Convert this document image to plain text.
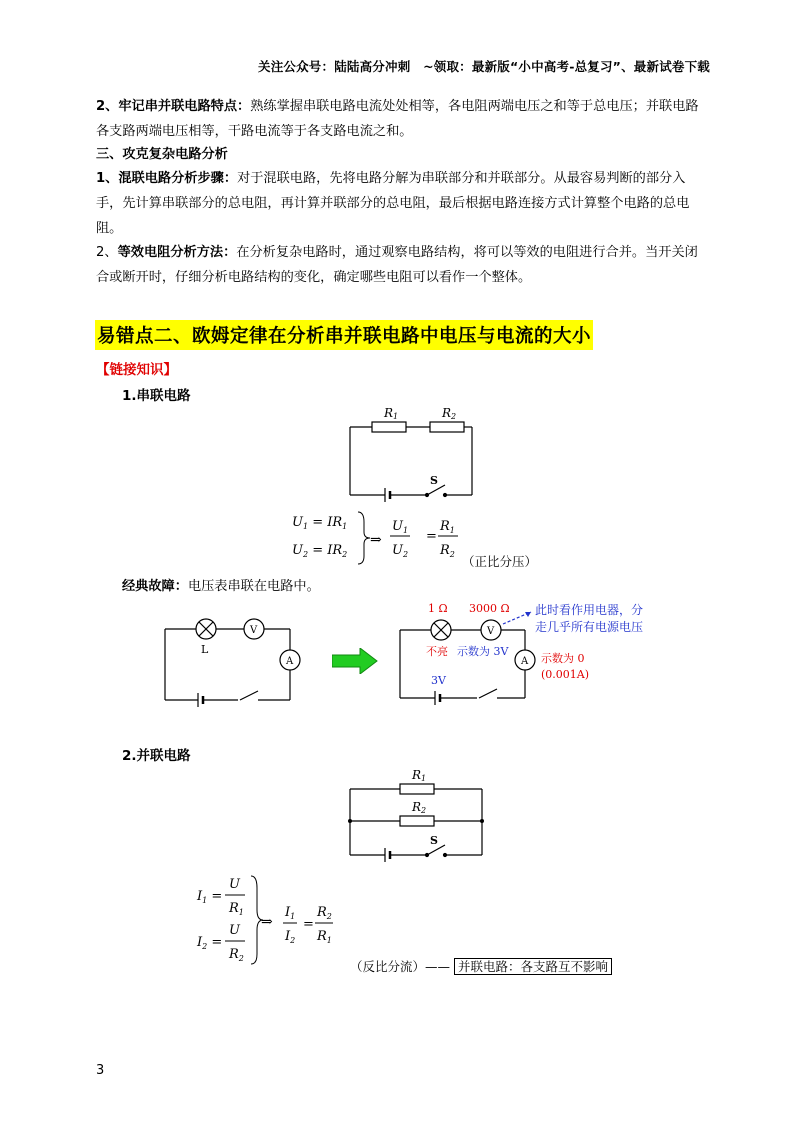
关注公众号：陆陆高分冲刺　~领取：最新版“小中高考-总复习”、最新试卷下载
2、牢记串并联电路特点：熟练掌握串联电路电流处处相等，各电阻两端电压之和等于总电压；并联电路各支路两端电压相等，干路电流等于各支路电流之和。
三、攻克复杂电路分析
1、混联电路分析步骤：对于混联电路，先将电路分解为串联部分和并联部分。从最容易判断的部分入手，先计算串联部分的总电阻，再计算并联部分的总电阻，最后根据电路连接方式计算整个电路的总电阻。
2、等效电阻分析方法：在分析复杂电路时，通过观察电路结构，将可以等效的电阻进行合并。当开关闭合或断开时，仔细分析电路结构的变化，确定哪些电阻可以看作一个整体。
易错点二、欧姆定律在分析串并联电路中电压与电流的大小
【链接知识】
1.串联电路
R1	R2
S
$U_1 = IR_1$
$U_2 = IR_2$
$U_1$
$U_2$
=
$R_1$
$R_2$
⇒
（正比分压）
经典故障：电压表串联在电路中。
V
A
L
V
A
1 Ω 3000 Ω 此时看作用电器，分
走几乎所有电源电压
不亮 示数为 3V
示数为 0
(0.001A)
3V
2.并联电路
R1
R2
S
$I_1$ =
U
$R_1$
$I_2$ =
U
$R_2$
$I_1$
$I_2$
=
$R_2$
$R_1$
⇒
（反比分流）—— 并联电路：各支路互不影响
3
